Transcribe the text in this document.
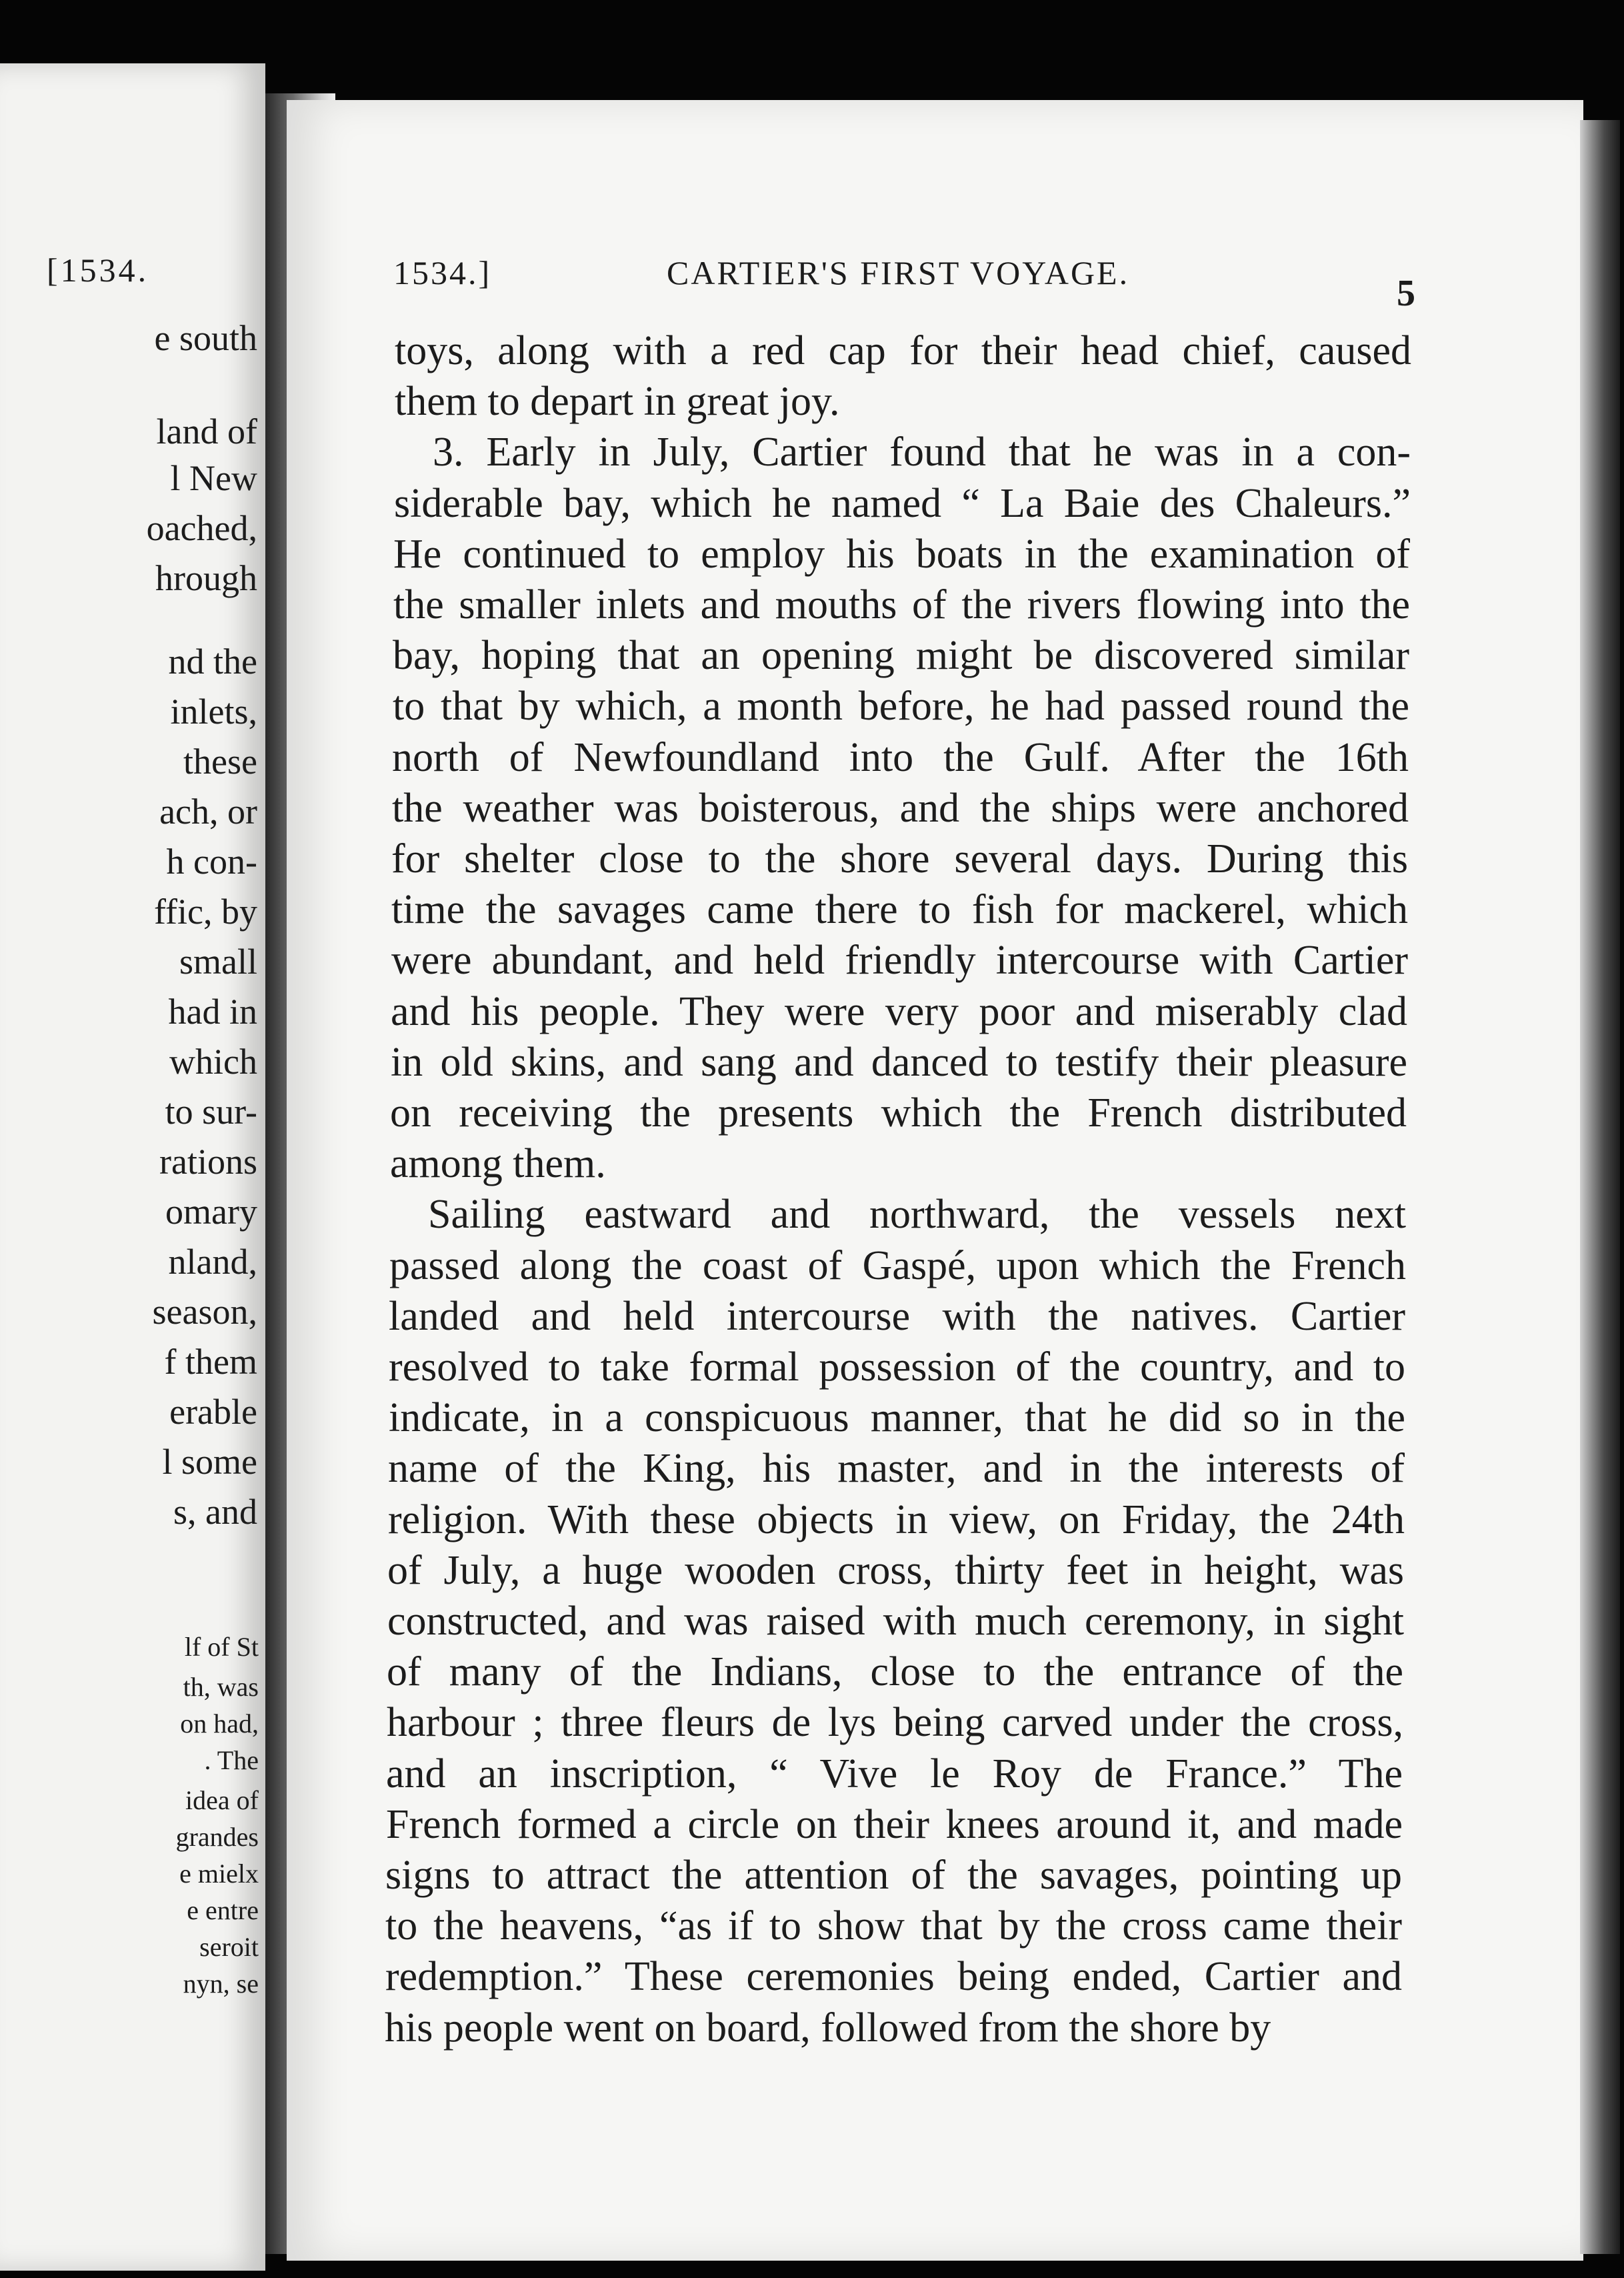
[1534.
e south
land of
l New
oached,
hrough
nd the
inlets,
these
ach, or
h con-
ffic, by
small
had in
which
to sur-
rations
omary
nland,
season,
f them
erable
l some
s, and
lf of St
th, was
on had,
. The
idea of
grandes
e mielx
e entre
seroit
nyn, se
1534.]	CARTIER'S FIRST VOYAGE.	5
toys, along with a red cap for their head chief, caused
them to depart in great joy.
3. Early in July, Cartier found that he was in a con-
siderable bay, which he named “ La Baie des Chaleurs.”
He continued to employ his boats in the examination of
the smaller inlets and mouths of the rivers flowing into the
bay, hoping that an opening might be discovered similar
to that by which, a month before, he had passed round the
north of Newfoundland into the Gulf. After the 16th
the weather was boisterous, and the ships were anchored
for shelter close to the shore several days. During this
time the savages came there to fish for mackerel, which
were abundant, and held friendly intercourse with Cartier
and his people. They were very poor and miserably clad
in old skins, and sang and danced to testify their pleasure
on receiving the presents which the French distributed
among them.
Sailing eastward and northward, the vessels next
passed along the coast of Gaspé, upon which the French
landed and held intercourse with the natives. Cartier
resolved to take formal possession of the country, and to
indicate, in a conspicuous manner, that he did so in the
name of the King, his master, and in the interests of
religion. With these objects in view, on Friday, the 24th
of July, a huge wooden cross, thirty feet in height, was
constructed, and was raised with much ceremony, in sight
of many of the Indians, close to the entrance of the
harbour ; three fleurs de lys being carved under the cross,
and an inscription, “ Vive le Roy de France.” The
French formed a circle on their knees around it, and made
signs to attract the attention of the savages, pointing up
to the heavens, “as if to show that by the cross came their
redemption.” These ceremonies being ended, Cartier and
his people went on board, followed from the shore by
